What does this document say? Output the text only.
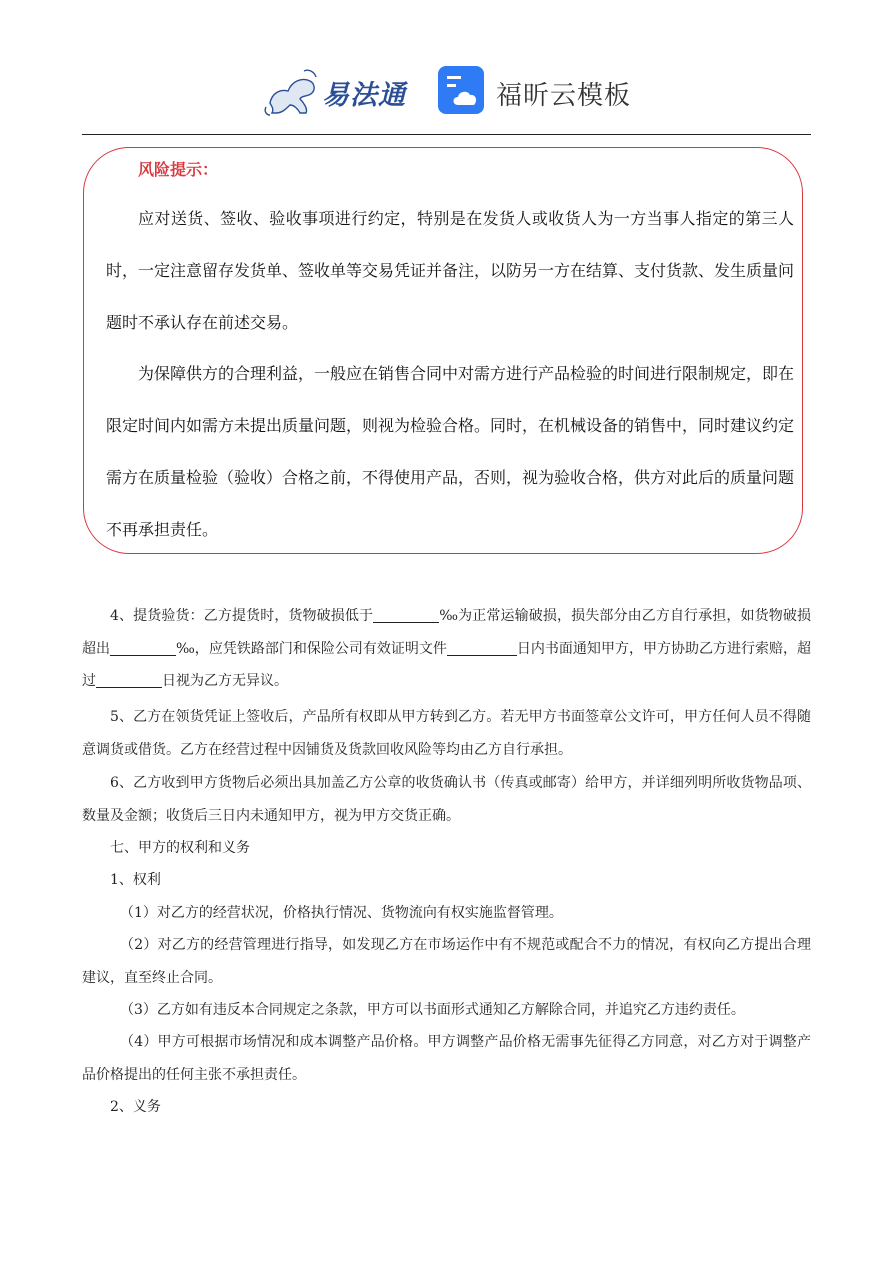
易法通	福昕云模板
风险提示：

应对送货、签收、验收事项进行约定，特别是在发货人或收货人为一方当事人指定的第三人时，一定注意留存发货单、签收单等交易凭证并备注，以防另一方在结算、支付货款、发生质量问题时不承认存在前述交易。

为保障供方的合理利益，一般应在销售合同中对需方进行产品检验的时间进行限制规定，即在限定时间内如需方未提出质量问题，则视为检验合格。同时，在机械设备的销售中，同时建议约定需方在质量检验（验收）合格之前，不得使用产品，否则，视为验收合格，供方对此后的质量问题不再承担责任。

4、提货验货：乙方提货时，货物破损低于	‰为正常运输破损，损失部分由乙方自行承担，如货物破损超出	‰，应凭铁路部门和保险公司有效证明文件	日内书面通知甲方，甲方协助乙方进行索赔，超过	日视为乙方无异议。

5、乙方在领货凭证上签收后，产品所有权即从甲方转到乙方。若无甲方书面签章公文许可，甲方任何人员不得随意调货或借货。乙方在经营过程中因铺货及货款回收风险等均由乙方自行承担。

6、乙方收到甲方货物后必须出具加盖乙方公章的收货确认书（传真或邮寄）给甲方，并详细列明所收货物品项、数量及金额；收货后三日内未通知甲方，视为甲方交货正确。

七、甲方的权利和义务

1、权利

（1）对乙方的经营状况，价格执行情况、货物流向有权实施监督管理。

（2）对乙方的经营管理进行指导，如发现乙方在市场运作中有不规范或配合不力的情况，有权向乙方提出合理建议，直至终止合同。

（3）乙方如有违反本合同规定之条款，甲方可以书面形式通知乙方解除合同，并追究乙方违约责任。

（4）甲方可根据市场情况和成本调整产品价格。甲方调整产品价格无需事先征得乙方同意，对乙方对于调整产品价格提出的任何主张不承担责任。

2、义务
